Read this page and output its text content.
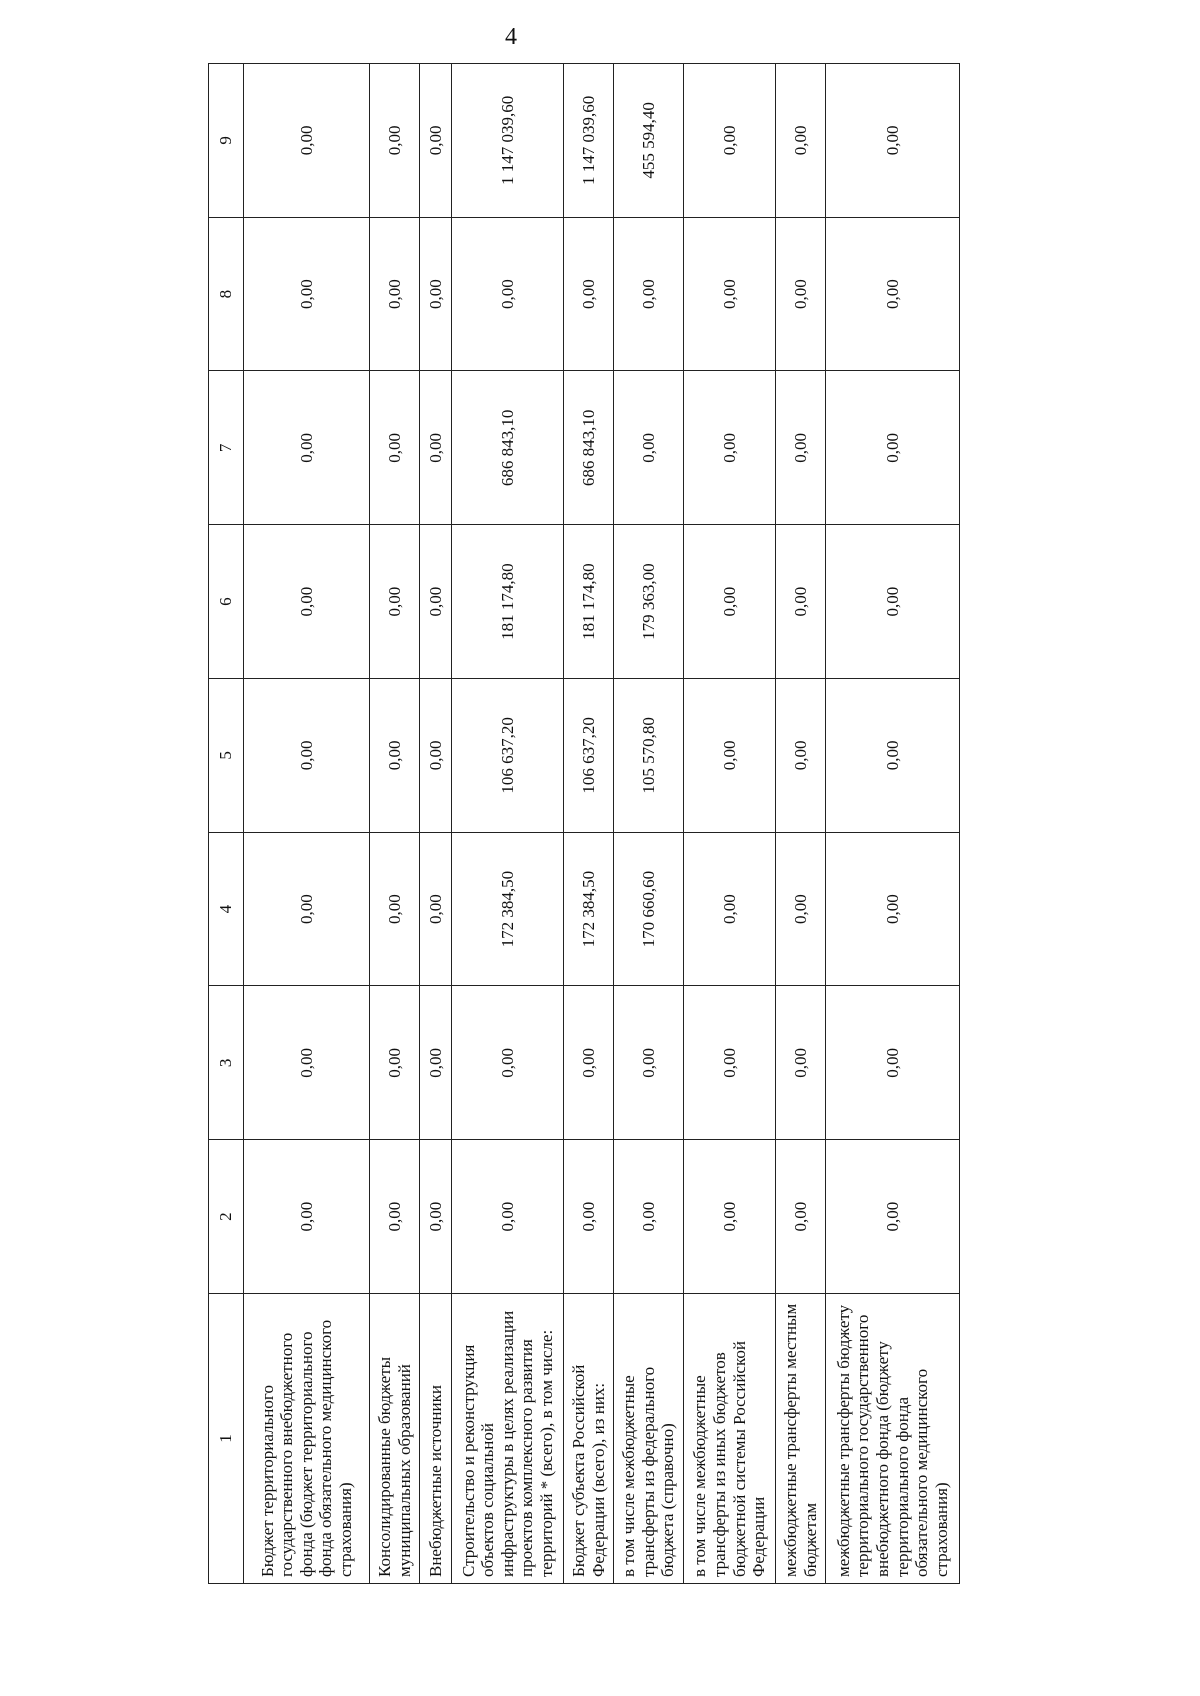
4
1	2	3	4	5	6	7	8	9
Бюджет территориального государственного внебюджетного фонда (бюджет территориального фонда обязательного медицинского страхования)	0,00	0,00	0,00	0,00	0,00	0,00	0,00	0,00
Консолидированные бюджеты муниципальных образований	0,00	0,00	0,00	0,00	0,00	0,00	0,00	0,00
Внебюджетные источники	0,00	0,00	0,00	0,00	0,00	0,00	0,00	0,00
Строительство и реконструкция объектов социальной инфраструктуры в целях реализации проектов комплексного развития территорий * (всего), в том числе:	0,00	0,00	172 384,50	106 637,20	181 174,80	686 843,10	0,00	1 147 039,60
Бюджет субъекта Российской Федерации (всего), из них:	0,00	0,00	172 384,50	106 637,20	181 174,80	686 843,10	0,00	1 147 039,60
в том числе межбюджетные трансферты из федерального бюджета (справочно)	0,00	0,00	170 660,60	105 570,80	179 363,00	0,00	0,00	455 594,40
в том числе межбюджетные трансферты из иных бюджетов бюджетной системы Российской Федерации	0,00	0,00	0,00	0,00	0,00	0,00	0,00	0,00
межбюджетные трансферты местным бюджетам	0,00	0,00	0,00	0,00	0,00	0,00	0,00	0,00
межбюджетные трансферты бюджету территориального государственного внебюджетного фонда (бюджету территориального фонда обязательного медицинского страхования)	0,00	0,00	0,00	0,00	0,00	0,00	0,00	0,00
